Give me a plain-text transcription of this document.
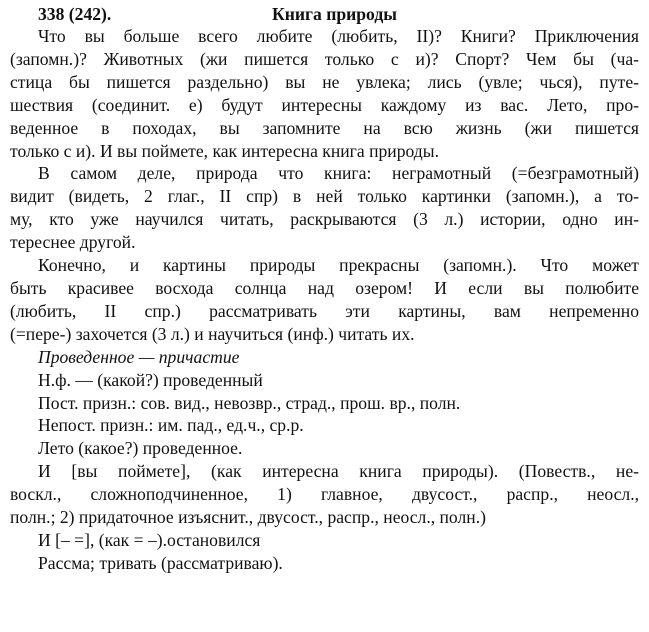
338 (242).	Книга природы
Что вы больше всего любите (любить, II)? Книги? Приключения
(запомн.)? Животных (жи пишется только с и)? Спорт? Чем бы (ча-
стица бы пишется раздельно) вы не увлека; лись (увле; чься), путе-
шествия (соединит. е) будут интересны каждому из вас. Лето, про-
веденное в походах, вы запомните на всю жизнь (жи пишется
только с и). И вы поймете, как интересна книга природы.
В самом деле, природа что книга: неграмотный (=безграмотный)
видит (видеть, 2 глаг., II спр) в ней только картинки (запомн.), а то-
му, кто уже научился читать, раскрываются (3 л.) истории, одно ин-
тереснее другой.
Конечно, и картины природы прекрасны (запомн.). Что может
быть красивее восхода солнца над озером! И если вы полюбите
(любить, II спр.) рассматривать эти картины, вам непременно
(=пере-) захочется (3 л.) и научиться (инф.) читать их.
Проведенное — причастие
Н.ф. — (какой?) проведенный
Пост. призн.: сов. вид., невозвр., страд., прош. вр., полн.
Непост. призн.: им. пад., ед.ч., ср.р.
Лето (какое?) проведенное.
И [вы поймете], (как интересна книга природы). (Повеств., не-
воскл., сложноподчиненное, 1) главное, двусост., распр., неосл.,
полн.; 2) придаточное изъяснит., двусост., распр., неосл., полн.)
И [– =], (как = –).остановился
Рассма; тривать (рассматриваю).
